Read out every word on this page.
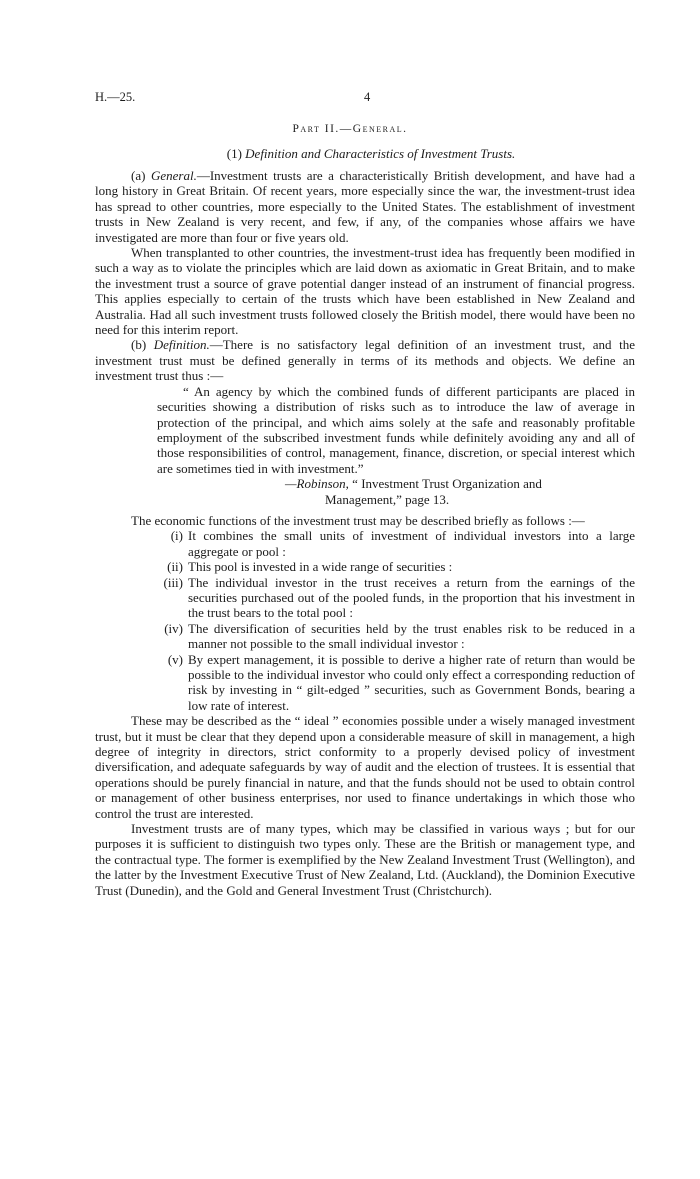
H.—25.	4
Part II.—General.
(1) Definition and Characteristics of Investment Trusts.

(a) General.—Investment trusts are a characteristically British development, and have had a long history in Great Britain. Of recent years, more especially since the war, the investment-trust idea has spread to other countries, more especially to the United States. The establishment of investment trusts in New Zealand is very recent, and few, if any, of the companies whose affairs we have investigated are more than four or five years old.

When transplanted to other countries, the investment-trust idea has frequently been modified in such a way as to violate the principles which are laid down as axiomatic in Great Britain, and to make the investment trust a source of grave potential danger instead of an instrument of financial progress. This applies especially to certain of the trusts which have been established in New Zealand and Australia. Had all such investment trusts followed closely the British model, there would have been no need for this interim report.

(b) Definition.—There is no satisfactory legal definition of an investment trust, and the investment trust must be defined generally in terms of its methods and objects. We define an investment trust thus :—

“ An agency by which the combined funds of different participants are placed in securities showing a distribution of risks such as to introduce the law of average in protection of the principal, and which aims solely at the safe and reasonably profitable employment of the subscribed investment funds while definitely avoiding any and all of those responsibilities of control, management, finance, discretion, or special interest which are sometimes tied in with investment.”

—Robinson, “ Investment Trust Organization and
Management,” page 13.

The economic functions of the investment trust may be described briefly as follows :—

(i) It combines the small units of investment of individual investors into a large aggregate or pool :
(ii) This pool is invested in a wide range of securities :
(iii) The individual investor in the trust receives a return from the earnings of the securities purchased out of the pooled funds, in the proportion that his investment in the trust bears to the total pool :
(iv) The diversification of securities held by the trust enables risk to be reduced in a manner not possible to the small individual investor :
(v) By expert management, it is possible to derive a higher rate of return than would be possible to the individual investor who could only effect a corresponding reduction of risk by investing in “ gilt-edged ” securities, such as Government Bonds, bearing a low rate of interest.

These may be described as the “ ideal ” economies possible under a wisely managed investment trust, but it must be clear that they depend upon a considerable measure of skill in management, a high degree of integrity in directors, strict conformity to a properly devised policy of investment diversification, and adequate safeguards by way of audit and the election of trustees. It is essential that operations should be purely financial in nature, and that the funds should not be used to obtain control or management of other business enterprises, nor used to finance undertakings in which those who control the trust are interested.

Investment trusts are of many types, which may be classified in various ways ; but for our purposes it is sufficient to distinguish two types only. These are the British or management type, and the contractual type. The former is exemplified by the New Zealand Investment Trust (Wellington), and the latter by the Investment Executive Trust of New Zealand, Ltd. (Auckland), the Dominion Executive Trust (Dunedin), and the Gold and General Investment Trust (Christchurch).
